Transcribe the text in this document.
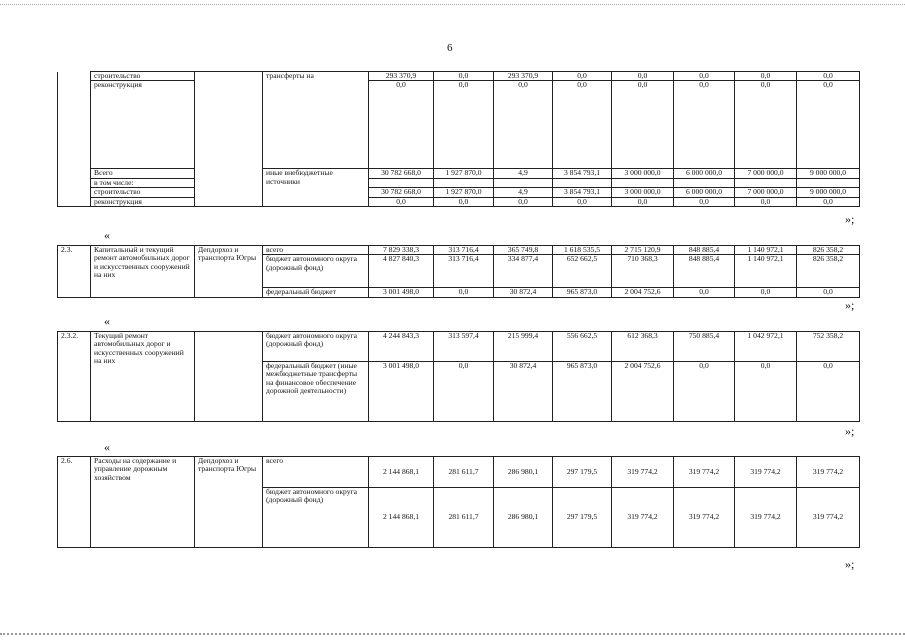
6
	строительство		трансферты на	293 370,9	0,0	293 370,9	0,0	0,0	0,0	0,0	0,0
	реконструкция			0,0	0,0	0,0	0,0	0,0	0,0	0,0	0,0
	Всего		иные внебюджетные источники	30 782 668,0	1 927 870,0	4,9	3 854 793,1	3 000 000,0	6 000 000,0	7 000 000,0	9 000 000,0
	в том числе:										
	строительство			30 782 668,0	1 927 870,0	4,9	3 854 793,1	3 000 000,0	6 000 000,0	7 000 000,0	9 000 000,0
	реконструкция			0,0	0,0	0,0	0,0	0,0	0,0	0,0	0,0
»;
«
2.3.	Капитальный и текущий ремонт автомобильных дорог и искусственных сооружений на них	Депдорхоз и транспорта Югры	всего	7 829 338,3	313 716,4	365 749,8	1 618 535,5	2 715 120,9	848 885,4	1 140 972,1	826 358,2
			бюджет автономного округа (дорожный фонд)	4 827 840,3	313 716,4	334 877,4	652 662,5	710 368,3	848 885,4	1 140 972,1	826 358,2
			федеральный бюджет	3 001 498,0	0,0	30 872,4	965 873,0	2 004 752,6	0,0	0,0	0,0
»;
«
2.3.2.	Текущий ремонт автомобильных дорог и искусственных сооружений на них		бюджет автономного округа (дорожный фонд)	4 244 843,3	313 597,4	215 999,4	556 662,5	612 368,3	750 885,4	1 042 972,1	752 358,2
			федеральный бюджет (иные межбюджетные трансферты на финансовое обеспечение дорожной деятельности)	3 001 498,0	0,0	30 872,4	965 873,0	2 004 752,6	0,0	0,0	0,0
»;
«
2.6.	Расходы на содержание и управление дорожным хозяйством	Депдорхоз и транспорта Югры	всего	2 144 868,1	281 611,7	286 980,1	297 179,5	319 774,2	319 774,2	319 774,2	319 774,2
			бюджет автономного округа (дорожный фонд)	2 144 868,1	281 611,7	286 980,1	297 179,5	319 774,2	319 774,2	319 774,2	319 774,2
»;
